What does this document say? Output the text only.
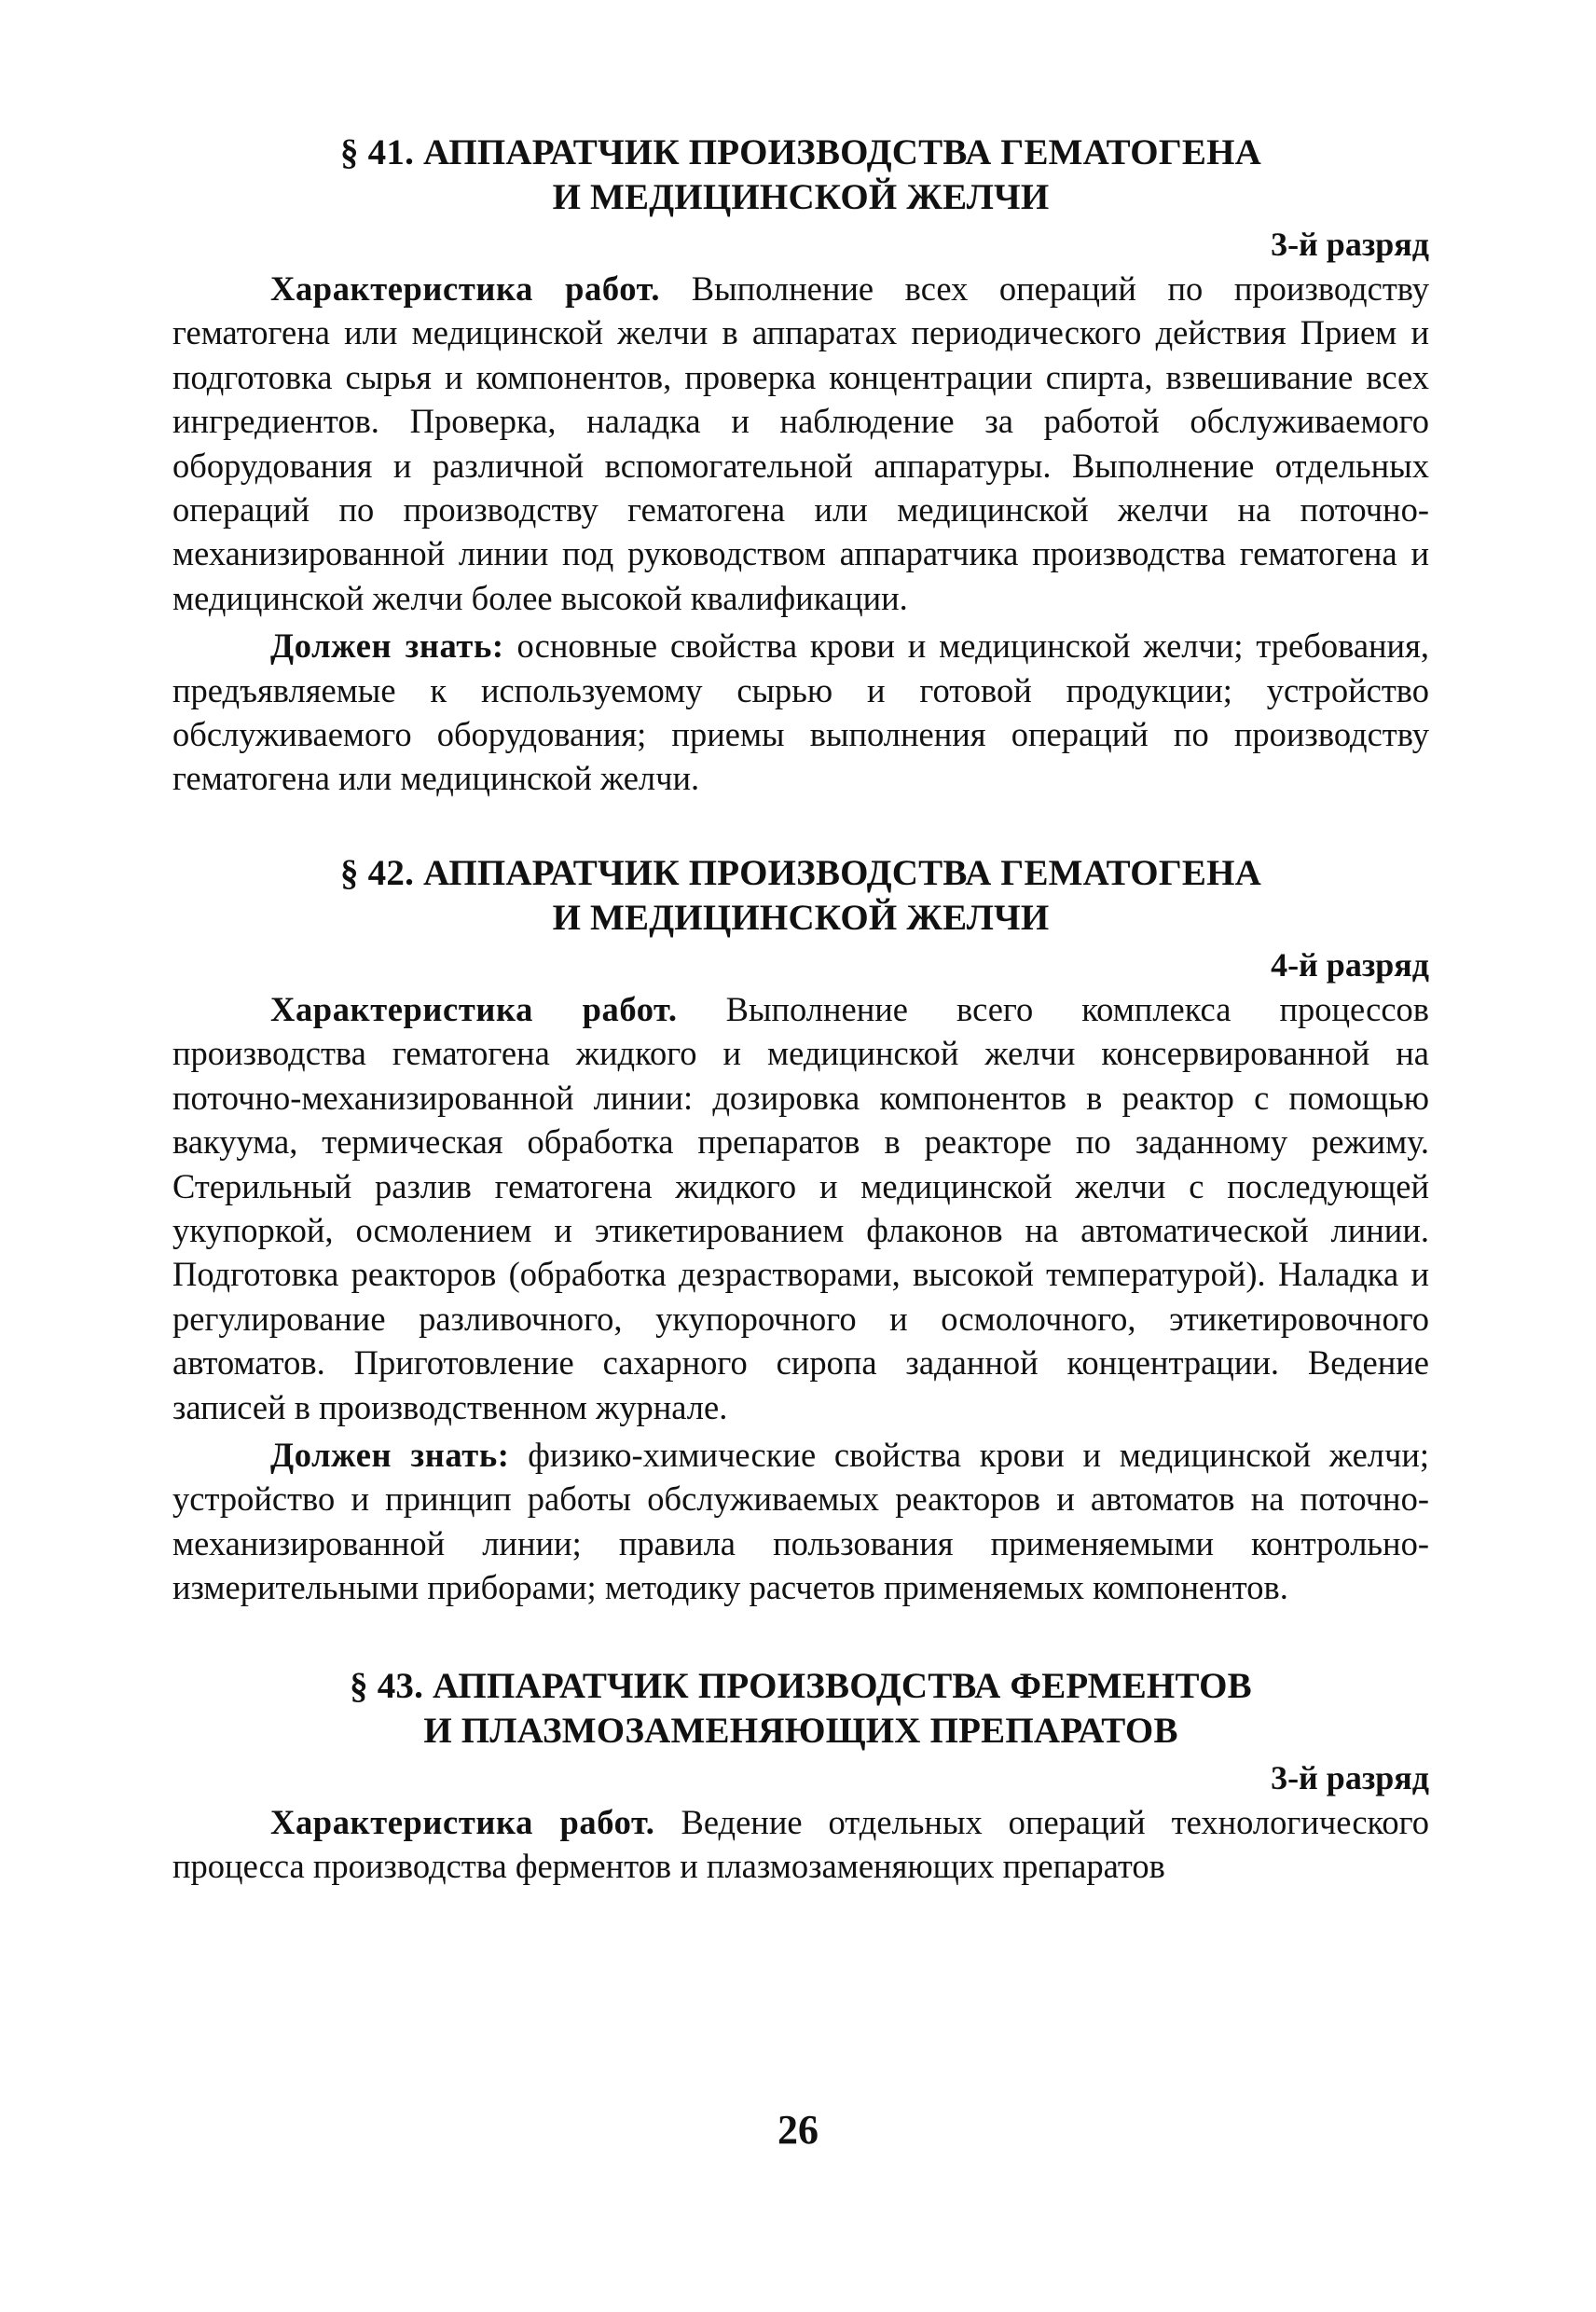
§ 41. АППАРАТЧИК ПРОИЗВОДСТВА ГЕМАТОГЕНА
И МЕДИЦИНСКОЙ ЖЕЛЧИ

3-й разряд

Характеристика работ. Выполнение всех операций по производству гематогена или медицинской желчи в аппаратах периодического действия Прием и подготовка сырья и компонентов, проверка концентрации спирта, взвешивание всех ингредиентов. Проверка, наладка и наблюдение за работой обслуживаемого оборудования и различной вспомогательной аппаратуры. Выполнение отдельных операций по производству гематогена или медицинской желчи на поточно-механизированной линии под руководством аппаратчика производства гематогена и медицинской желчи более высокой квалификации.

Должен знать: основные свойства крови и медицинской желчи; требования, предъявляемые к используемому сырью и готовой продукции; устройство обслуживаемого оборудования; приемы выполнения операций по производству гематогена или медицинской желчи.

§ 42. АППАРАТЧИК ПРОИЗВОДСТВА ГЕМАТОГЕНА
И МЕДИЦИНСКОЙ ЖЕЛЧИ

4-й разряд

Характеристика работ. Выполнение всего комплекса процессов производства гематогена жидкого и медицинской желчи консервированной на поточно-механизированной линии: дозировка компонентов в реактор с помощью вакуума, термическая обработка препаратов в реакторе по заданному режиму. Стерильный разлив гематогена жидкого и медицинской желчи с последующей укупоркой, осмолением и этикетированием флаконов на автоматической линии. Подготовка реакторов (обработка дезрастворами, высокой температурой). Наладка и регулирование разливочного, укупорочного и осмолочного, этикетировочного автоматов. Приготовление сахарного сиропа заданной концентрации. Ведение записей в производственном журнале.

Должен знать: физико-химические свойства крови и медицинской желчи; устройство и принцип работы обслуживаемых реакторов и автоматов на поточно-механизированной линии; правила пользования применяемыми контрольно-измерительными приборами; методику расчетов применяемых компонентов.

§ 43. АППАРАТЧИК ПРОИЗВОДСТВА ФЕРМЕНТОВ
И ПЛАЗМОЗАМЕНЯЮЩИХ ПРЕПАРАТОВ

3-й разряд

Характеристика работ. Ведение отдельных операций технологического процесса производства ферментов и плазмозаменяющих препаратов

26
